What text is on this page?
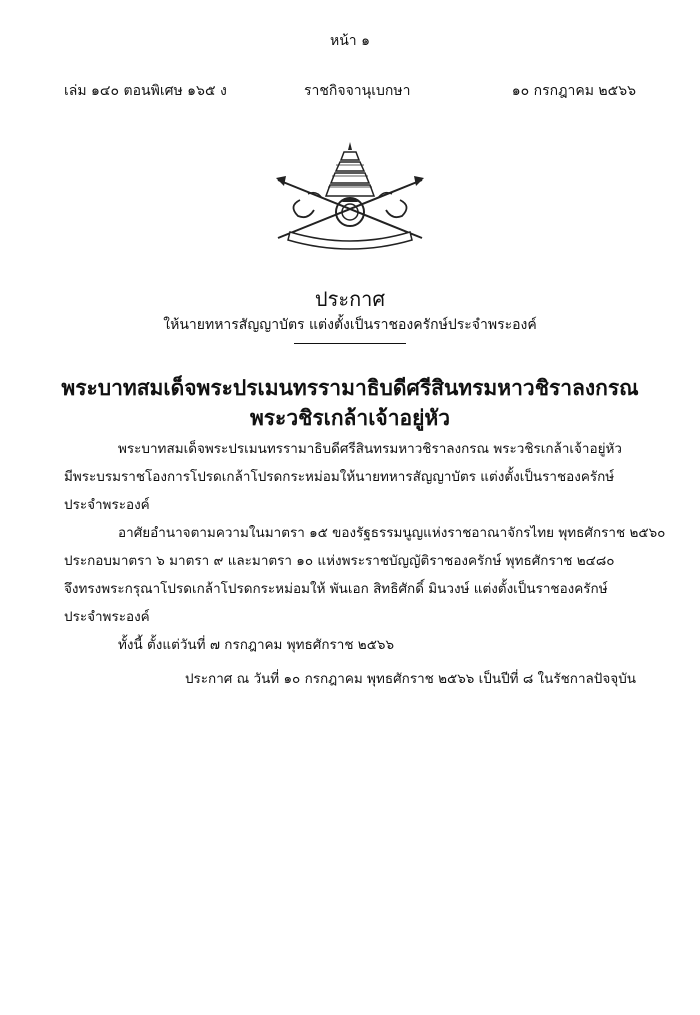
หน้า ๑
เล่ม ๑๔๐ ตอนพิเศษ ๑๖๕ ง	ราชกิจจานุเบกษา	๑๐ กรกฎาคม ๒๕๖๖
ประกาศ
ให้นายทหารสัญญาบัตร แต่งตั้งเป็นราชองครักษ์ประจำพระองค์
พระบาทสมเด็จพระปรเมนทรรามาธิบดีศรีสินทรมหาวชิราลงกรณ
พระวชิรเกล้าเจ้าอยู่หัว
พระบาทสมเด็จพระปรเมนทรรามาธิบดีศรีสินทรมหาวชิราลงกรณ พระวชิรเกล้าเจ้าอยู่หัว
มีพระบรมราชโองการโปรดเกล้าโปรดกระหม่อมให้นายทหารสัญญาบัตร แต่งตั้งเป็นราชองครักษ์
ประจำพระองค์
อาศัยอำนาจตามความในมาตรา ๑๕ ของรัฐธรรมนูญแห่งราชอาณาจักรไทย พุทธศักราช ๒๕๖๐
ประกอบมาตรา ๖ มาตรา ๙ และมาตรา ๑๐ แห่งพระราชบัญญัติราชองครักษ์ พุทธศักราช ๒๔๘๐
จึงทรงพระกรุณาโปรดเกล้าโปรดกระหม่อมให้ พันเอก สิทธิศักดิ์ มินวงษ์ แต่งตั้งเป็นราชองครักษ์
ประจำพระองค์
ทั้งนี้ ตั้งแต่วันที่ ๗ กรกฎาคม พุทธศักราช ๒๕๖๖
ประกาศ ณ วันที่ ๑๐ กรกฎาคม พุทธศักราช ๒๕๖๖ เป็นปีที่ ๘ ในรัชกาลปัจจุบัน
